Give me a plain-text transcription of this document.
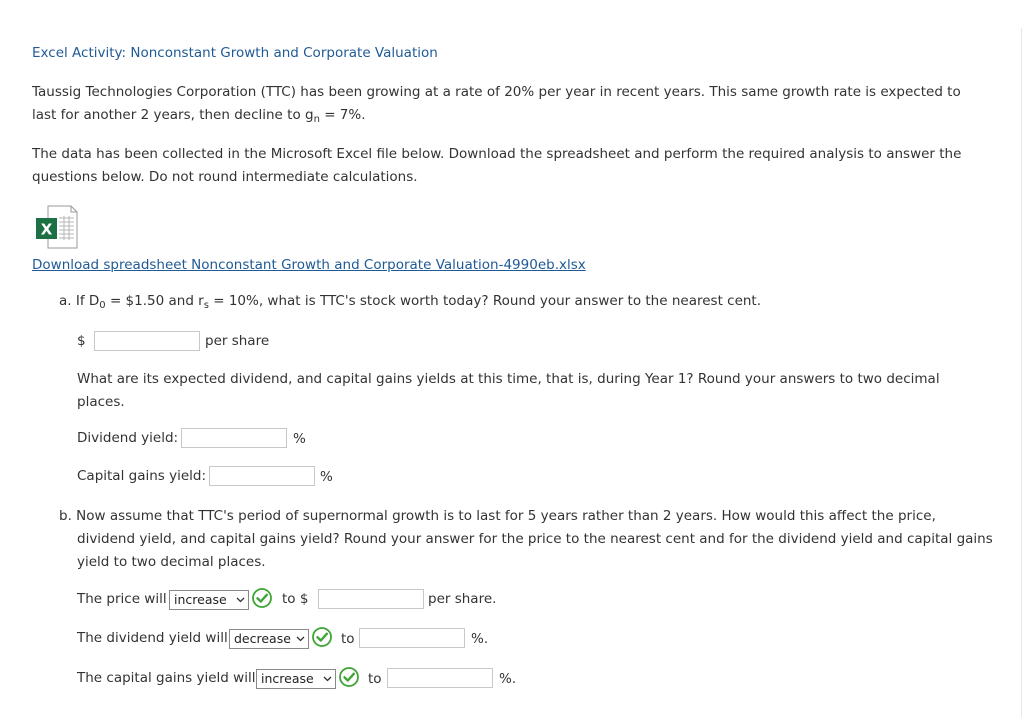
Excel Activity: Nonconstant Growth and Corporate Valuation
Taussig Technologies Corporation (TTC) has been growing at a rate of 20% per year in recent years. This same growth rate is expected to
last for another 2 years, then decline to $g_n = 7\%$.
The data has been collected in the Microsoft Excel file below. Download the spreadsheet and perform the required analysis to answer the
questions below. Do not round intermediate calculations.
X
Download spreadsheet Nonconstant Growth and Corporate Valuation-4990eb.xlsx
a. If $D_0$ = $1.50 and $r_s = 10\%$, what is TTC's stock worth today? Round your answer to the nearest cent.
$	per share
What are its expected dividend, and capital gains yields at this time, that is, during Year 1? Round your answers to two decimal
places.
Dividend yield:	%
Capital gains yield:	%
b. Now assume that TTC's period of supernormal growth is to last for 5 years rather than 2 years. How would this affect the price,
dividend yield, and capital gains yield? Round your answer for the price to the nearest cent and for the dividend yield and capital gains
yield to two decimal places.
The price will increase	to $	per share.
The dividend yield will decrease	to	%.
The capital gains yield will increase	to	%.
